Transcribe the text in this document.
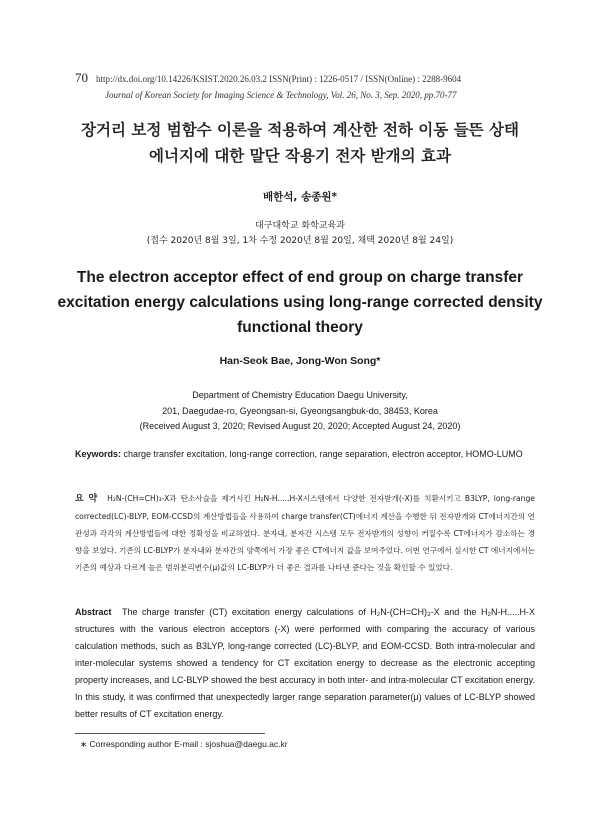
70 http://dx.doi.org/10.14226/KSIST.2020.26.03.2 ISSN(Print) : 1226-0517 / ISSN(Online) : 2288-9604
Journal of Korean Society for Imaging Science & Technology, Vol. 26, No. 3, Sep. 2020, pp.70-77
장거리 보정 범함수 이론을 적용하여 계산한 전하 이동 들뜬 상태
에너지에 대한 말단 작용기 전자 받개의 효과
배한석, 송종원*
대구대학교 화학교육과
(접수 2020년 8월 3일, 1차 수정 2020년 8월 20일, 채택 2020년 8월 24일)
The electron acceptor effect of end group on charge transfer
excitation energy calculations using long-range corrected density
functional theory
Han-Seok Bae, Jong-Won Song*
Department of Chemistry Education Daegu University,
201, Daegudae-ro, Gyeongsan-si, Gyeongsangbuk-do, 38453, Korea
(Received August 3, 2020; Revised August 20, 2020; Accepted August 24, 2020)
Keywords: charge transfer excitation, long-range correction, range separation, electron acceptor, HOMO-LUMO
요 약 H₂N-(CH=CH)₃-X과 탄소사슬을 제거시킨 H₂N-H.....H-X시스템에서 다양한 전자받개(-X)를 치환시키고 B3LYP, long-range corrected(LC)-BLYP, EOM-CCSD의 계산방법들을 사용하여 charge transfer(CT)에너지 계산을 수행한 뒤 전자받개와 CT에너지간의 연관성과 각각의 계산방법들에 대한 정확성을 비교하였다. 분자내, 분자간 시스템 모두 전자받개의 성향이 커질수록 CT에너지가 감소하는 경향을 보였다. 기존의 LC-BLYP가 분자내와 분자간의 양쪽에서 가장 좋은 CT에너지 값을 보여주었다. 이번 연구에서 실시한 CT 에너지에서는 기존의 예상과 다르게 높은 범위분리변수(μ)값의 LC-BLYP가 더 좋은 결과를 나타낸 준다는 것을 확인할 수 있었다.
Abstract The charge transfer (CT) excitation energy calculations of H₂N-(CH=CH)₃-X and the H₂N-H.....H-X structures with the various electron acceptors (-X) were performed with comparing the accuracy of various calculation methods, such as B3LYP, long-range corrected (LC)-BLYP, and EOM-CCSD. Both intra-molecular and inter-molecular systems showed a tendency for CT excitation energy to decrease as the electronic accepting property increases, and LC-BLYP showed the best accuracy in both inter- and intra-molecular CT excitation energy. In this study, it was confirmed that unexpectedly larger range separation parameter(μ) values of LC-BLYP showed better results of CT excitation energy.
∗ Corresponding author E-mail : sjoshua@daegu.ac.kr
